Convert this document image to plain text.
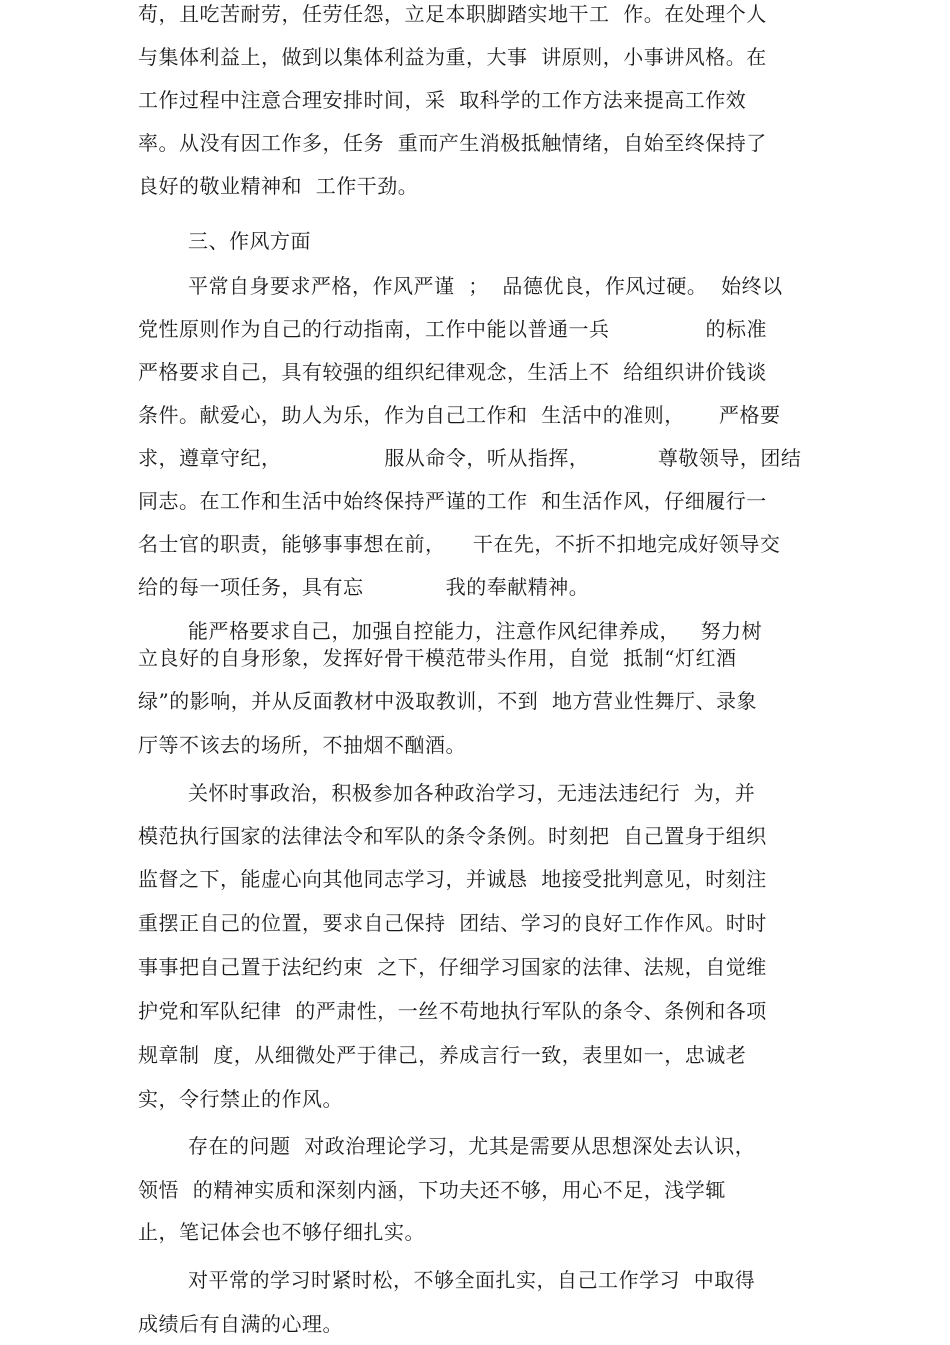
苟，且吃苦耐劳，任劳任怨，立足本职脚踏实地干工  作。在处理个人
与集体利益上，做到以集体利益为重，大事  讲原则，小事讲风格。在
工作过程中注意合理安排时间，采  取科学的工作方法来提高工作效
率。从没有因工作多，任务  重而产生消极抵触情绪，自始至终保持了
良好的敬业精神和  工作干劲。
三、作风方面
平常自身要求严格，作风严谨  ；  品德优良，作风过硬。  始终以
党性原则作为自己的行动指南，工作中能以普通一兵              的标准
严格要求自己，具有较强的组织纪律观念，生活上不  给组织讲价钱谈
条件。献爱心，助人为乐，作为自己工作和  生活中的准则，     严格要
求，遵章守纪，               服从命令，听从指挥，          尊敬领导，团结
同志。在工作和生活中始终保持严谨的工作  和生活作风，仔细履行一
名士官的职责，能够事事想在前，    干在先，不折不扣地完成好领导交
给的每一项任务，具有忘            我的奉献精神。
能严格要求自己，加强自控能力，注意作风纪律养成，   努力树
立良好的自身形象，发挥好骨干模范带头作用，自觉  抵制“灯红酒
绿”的影响，并从反面教材中汲取教训，不到  地方营业性舞厅、录象
厅等不该去的场所，不抽烟不酗酒。
关怀时事政治，积极参加各种政治学习，无违法违纪行  为，并
模范执行国家的法律法令和军队的条令条例。时刻把  自己置身于组织
监督之下，能虚心向其他同志学习，并诚恳  地接受批判意见，时刻注
重摆正自己的位置，要求自己保持  团结、学习的良好工作作风。时时
事事把自己置于法纪约束  之下，仔细学习国家的法律、法规，自觉维
护党和军队纪律  的严肃性，一丝不苟地执行军队的条令、条例和各项
规章制  度，从细微处严于律己，养成言行一致，表里如一，忠诚老
实，令行禁止的作风。
存在的问题  对政治理论学习，尤其是需要从思想深处去认识，
领悟  的精神实质和深刻内涵，下功夫还不够，用心不足，浅学辄
止，笔记体会也不够仔细扎实。
对平常的学习时紧时松，不够全面扎实，自己工作学习  中取得
成绩后有自满的心理。
